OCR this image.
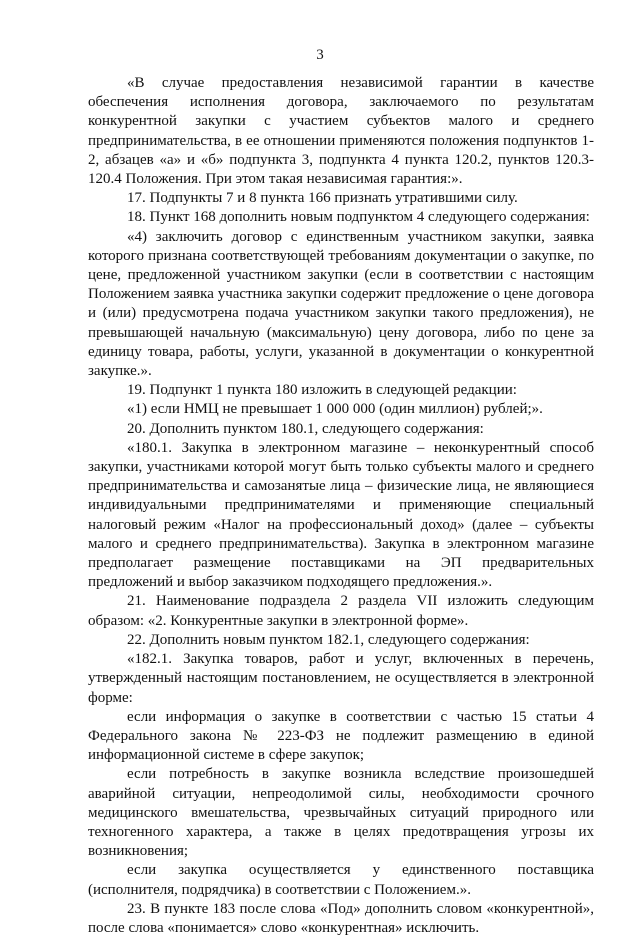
3

«В случае предоставления независимой гарантии в качестве обеспечения исполнения договора, заключаемого по результатам конкурентной закупки с участием субъектов малого и среднего предпринимательства, в ее отношении применяются положения подпунктов 1-2, абзацев «а» и «б» подпункта 3, подпункта 4 пункта 120.2, пунктов 120.3-120.4 Положения. При этом такая независимая гарантия:».

17. Подпункты 7 и 8 пункта 166 признать утратившими силу.

18. Пункт 168 дополнить новым подпунктом 4 следующего содержания:

«4) заключить договор с единственным участником закупки, заявка которого признана соответствующей требованиям документации о закупке, по цене, предложенной участником закупки (если в соответствии с настоящим Положением заявка участника закупки содержит предложение о цене договора и (или) предусмотрена подача участником закупки такого предложения), не превышающей начальную (максимальную) цену договора, либо по цене за единицу товара, работы, услуги, указанной в документации о конкурентной закупке.».

19. Подпункт 1 пункта 180 изложить в следующей редакции:

«1) если НМЦ не превышает 1 000 000 (один миллион) рублей;».

20. Дополнить пунктом 180.1, следующего содержания:

«180.1. Закупка в электронном магазине – неконкурентный способ закупки, участниками которой могут быть только субъекты малого и среднего предпринимательства и самозанятые лица – физические лица, не являющиеся индивидуальными предпринимателями и применяющие специальный налоговый режим «Налог на профессиональный доход» (далее – субъекты малого и среднего предпринимательства). Закупка в электронном магазине предполагает размещение поставщиками на ЭП предварительных предложений и выбор заказчиком подходящего предложения.».

21. Наименование подраздела 2 раздела VII изложить следующим образом: «2. Конкурентные закупки в электронной форме».

22. Дополнить новым пунктом 182.1, следующего содержания:

«182.1. Закупка товаров, работ и услуг, включенных в перечень, утвержденный настоящим постановлением, не осуществляется в электронной форме:

если информация о закупке в соответствии с частью 15 статьи 4 Федерального закона № 223-ФЗ не подлежит размещению в единой информационной системе в сфере закупок;

если потребность в закупке возникла вследствие произошедшей аварийной ситуации, непреодолимой силы, необходимости срочного медицинского вмешательства, чрезвычайных ситуаций природного или техногенного характера, а также в целях предотвращения угрозы их возникновения;

если закупка осуществляется у единственного поставщика (исполнителя, подрядчика) в соответствии с Положением.».

23. В пункте 183 после слова «Под» дополнить словом «конкурентной», после слова «понимается» слово «конкурентная» исключить.
